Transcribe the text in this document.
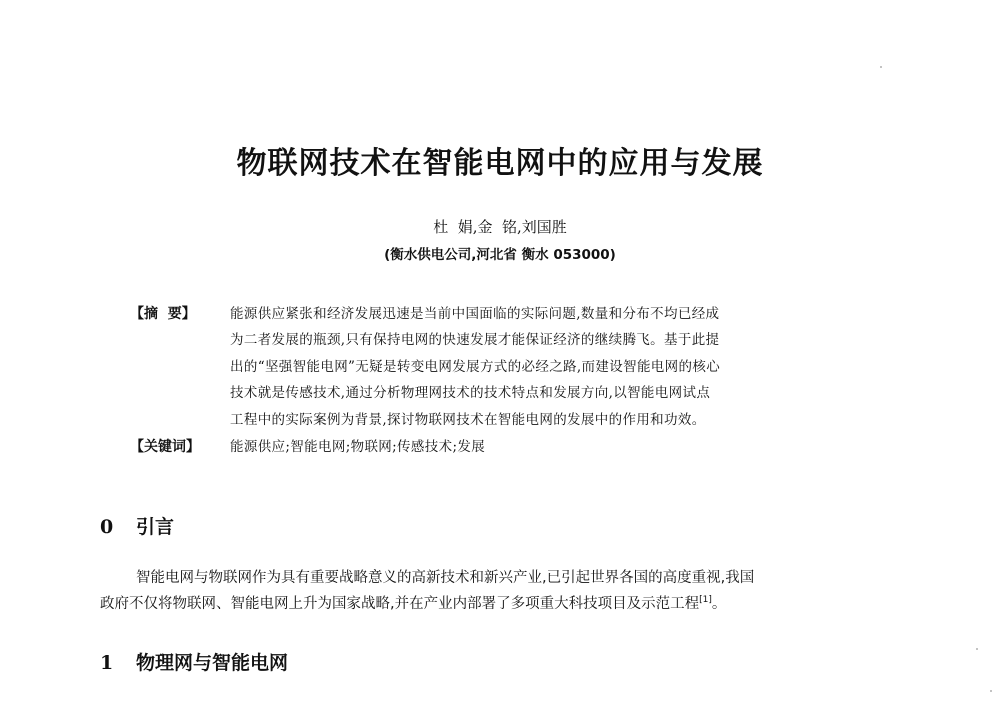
物联网技术在智能电网中的应用与发展
杜  娟,金  铭,刘国胜
(衡水供电公司,河北省 衡水 053000)
【摘  要】	能源供应紧张和经济发展迅速是当前中国面临的实际问题,数量和分布不均已经成
为二者发展的瓶颈,只有保持电网的快速发展才能保证经济的继续腾飞。基于此提
出的“坚强智能电网”无疑是转变电网发展方式的必经之路,而建设智能电网的核心
技术就是传感技术,通过分析物理网技术的技术特点和发展方向,以智能电网试点
工程中的实际案例为背景,探讨物联网技术在智能电网的发展中的作用和功效。
【关键词】	能源供应;智能电网;物联网;传感技术;发展
0 引言
智能电网与物联网作为具有重要战略意义的高新技术和新兴产业,已引起世界各国的高度重视,我国
政府不仅将物联网、智能电网上升为国家战略,并在产业内部署了多项重大科技项目及示范工程[1]。
1 物理网与智能电网
